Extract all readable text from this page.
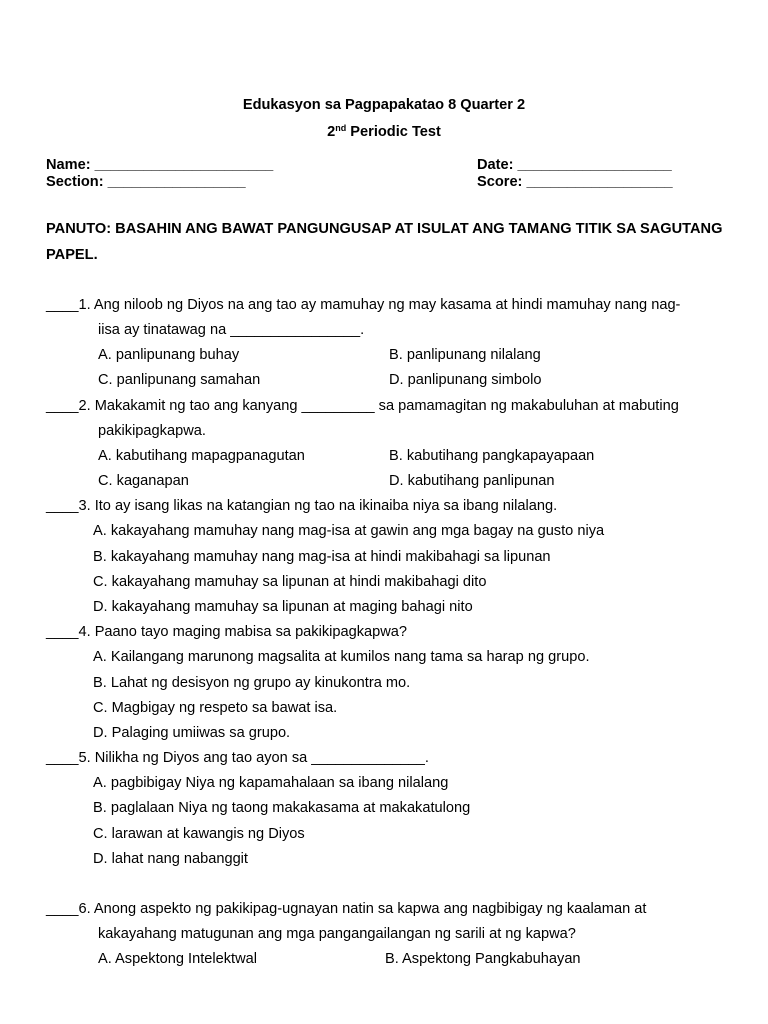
Edukasyon sa Pagpapakatao 8 Quarter 2
2nd Periodic Test
Name: ______________________	Date: ___________________
Section: _________________	Score: __________________
PANUTO: BASAHIN ANG BAWAT PANGUNGUSAP AT ISULAT ANG TAMANG TITIK SA SAGUTANG PAPEL.
____1. Ang niloob ng Diyos na ang tao ay mamuhay ng may kasama at hindi mamuhay nang nag-
iisa ay tinatawag na ________________.
A. panlipunang buhay	B. panlipunang nilalang
C. panlipunang samahan	D. panlipunang simbolo
____2. Makakamit ng tao ang kanyang _________ sa pamamagitan ng makabuluhan at mabuting
pakikipagkapwa.
A. kabutihang mapagpanagutan	B. kabutihang pangkapayapaan
C. kaganapan	D. kabutihang panlipunan
____3. Ito ay isang likas na katangian ng tao na ikinaiba niya sa ibang nilalang.
A. kakayahang mamuhay nang mag-isa at gawin ang mga bagay na gusto niya
B. kakayahang mamuhay nang mag-isa at hindi makibahagi sa lipunan
C. kakayahang mamuhay sa lipunan at hindi makibahagi dito
D. kakayahang mamuhay sa lipunan at maging bahagi nito
____4. Paano tayo maging mabisa sa pakikipagkapwa?
A. Kailangang marunong magsalita at kumilos nang tama sa harap ng grupo.
B. Lahat ng desisyon ng grupo ay kinukontra mo.
C. Magbigay ng respeto sa bawat isa.
D. Palaging umiiwas sa grupo.
____5. Nilikha ng Diyos ang tao ayon sa ______________.
A. pagbibigay Niya ng kapamahalaan sa ibang nilalang
B. paglalaan Niya ng taong makakasama at makakatulong
C. larawan at kawangis ng Diyos
D. lahat nang nabanggit
____6. Anong aspekto ng pakikipag-ugnayan natin sa kapwa ang nagbibigay ng kaalaman at
kakayahang matugunan ang mga pangangailangan ng sarili at ng kapwa?
A. Aspektong Intelektwal	B. Aspektong Pangkabuhayan
